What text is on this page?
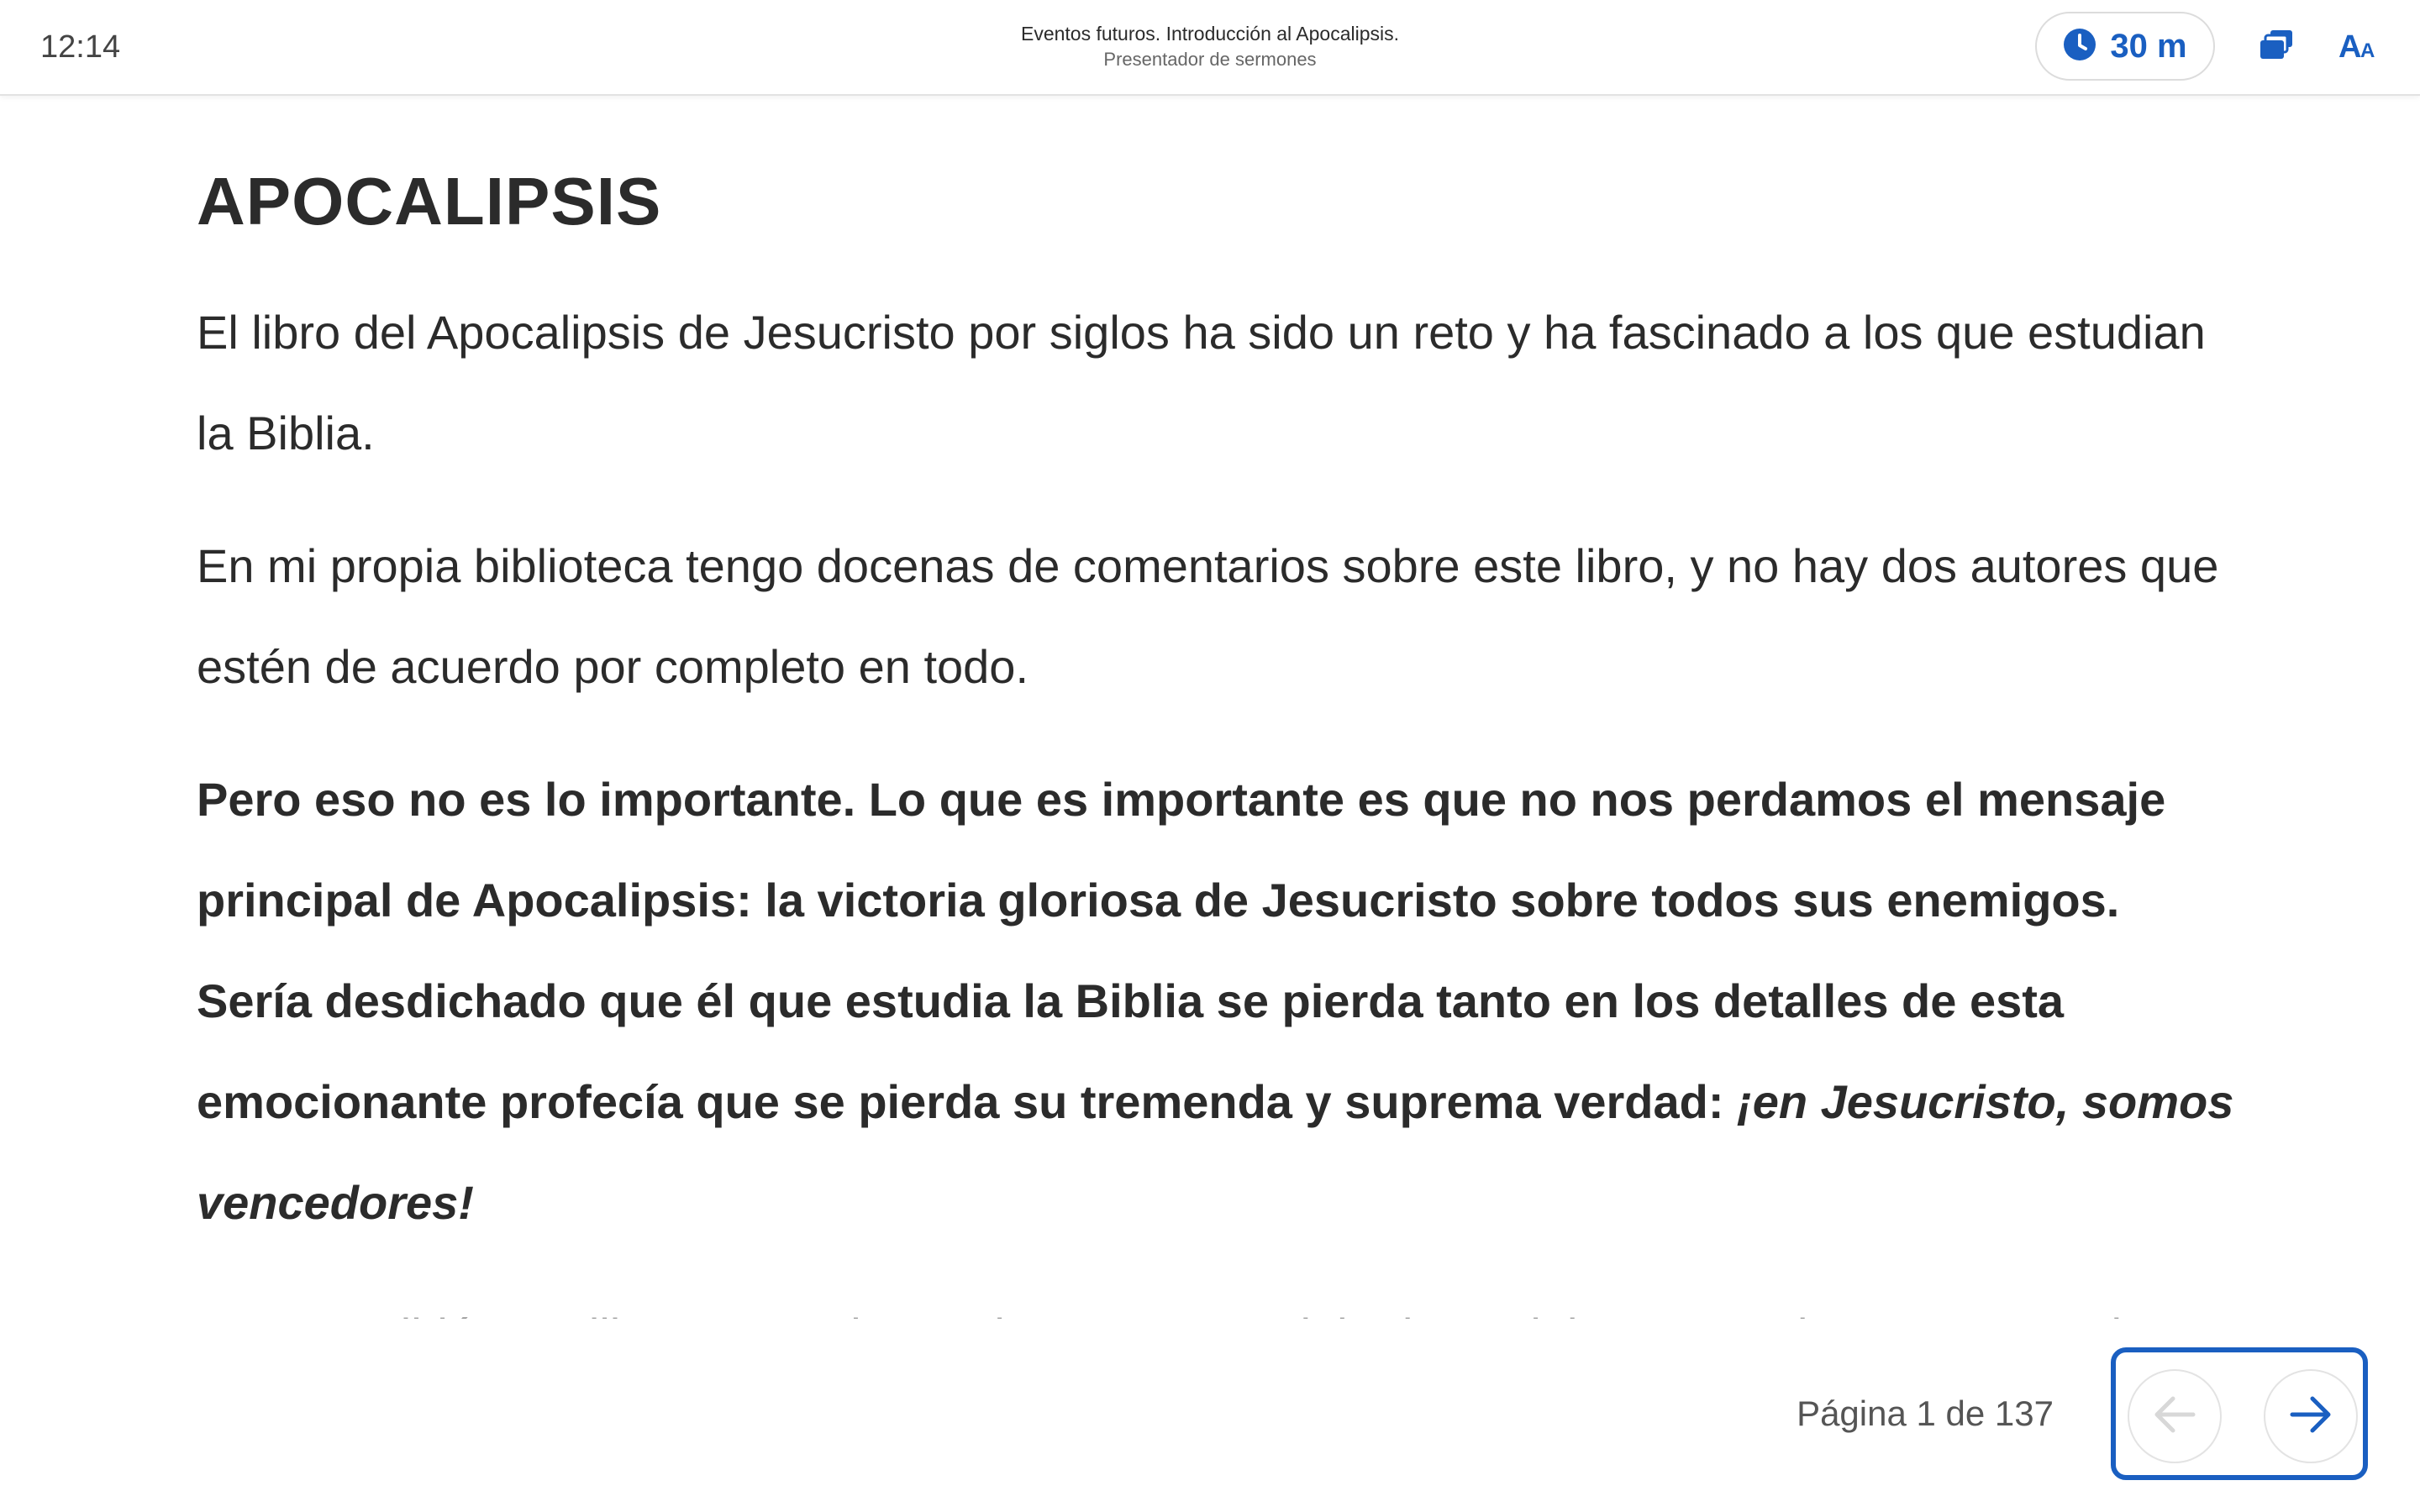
12:14	Eventos futuros. Introducción al Apocalipsis.
Presentador de sermones	30 m	A
A
APOCALIPSIS

El libro del Apocalipsis de Jesucristo por siglos ha sido un reto y ha fascinado a los que estudian la Biblia.

En mi propia biblioteca tengo docenas de comentarios sobre este libro, y no hay dos autores que estén de acuerdo por completo en todo.

Pero eso no es lo importante. Lo que es importante es que no nos perdamos el mensaje principal de Apocalipsis: la victoria gloriosa de Jesucristo sobre todos sus enemigos. Sería desdichado que él que estudia la Biblia se pierda tanto en los detalles de esta emocionante profecía que se pierda su tremenda y suprema verdad: ¡en Jesucristo, somos vencedores!

Página 1 de 137
